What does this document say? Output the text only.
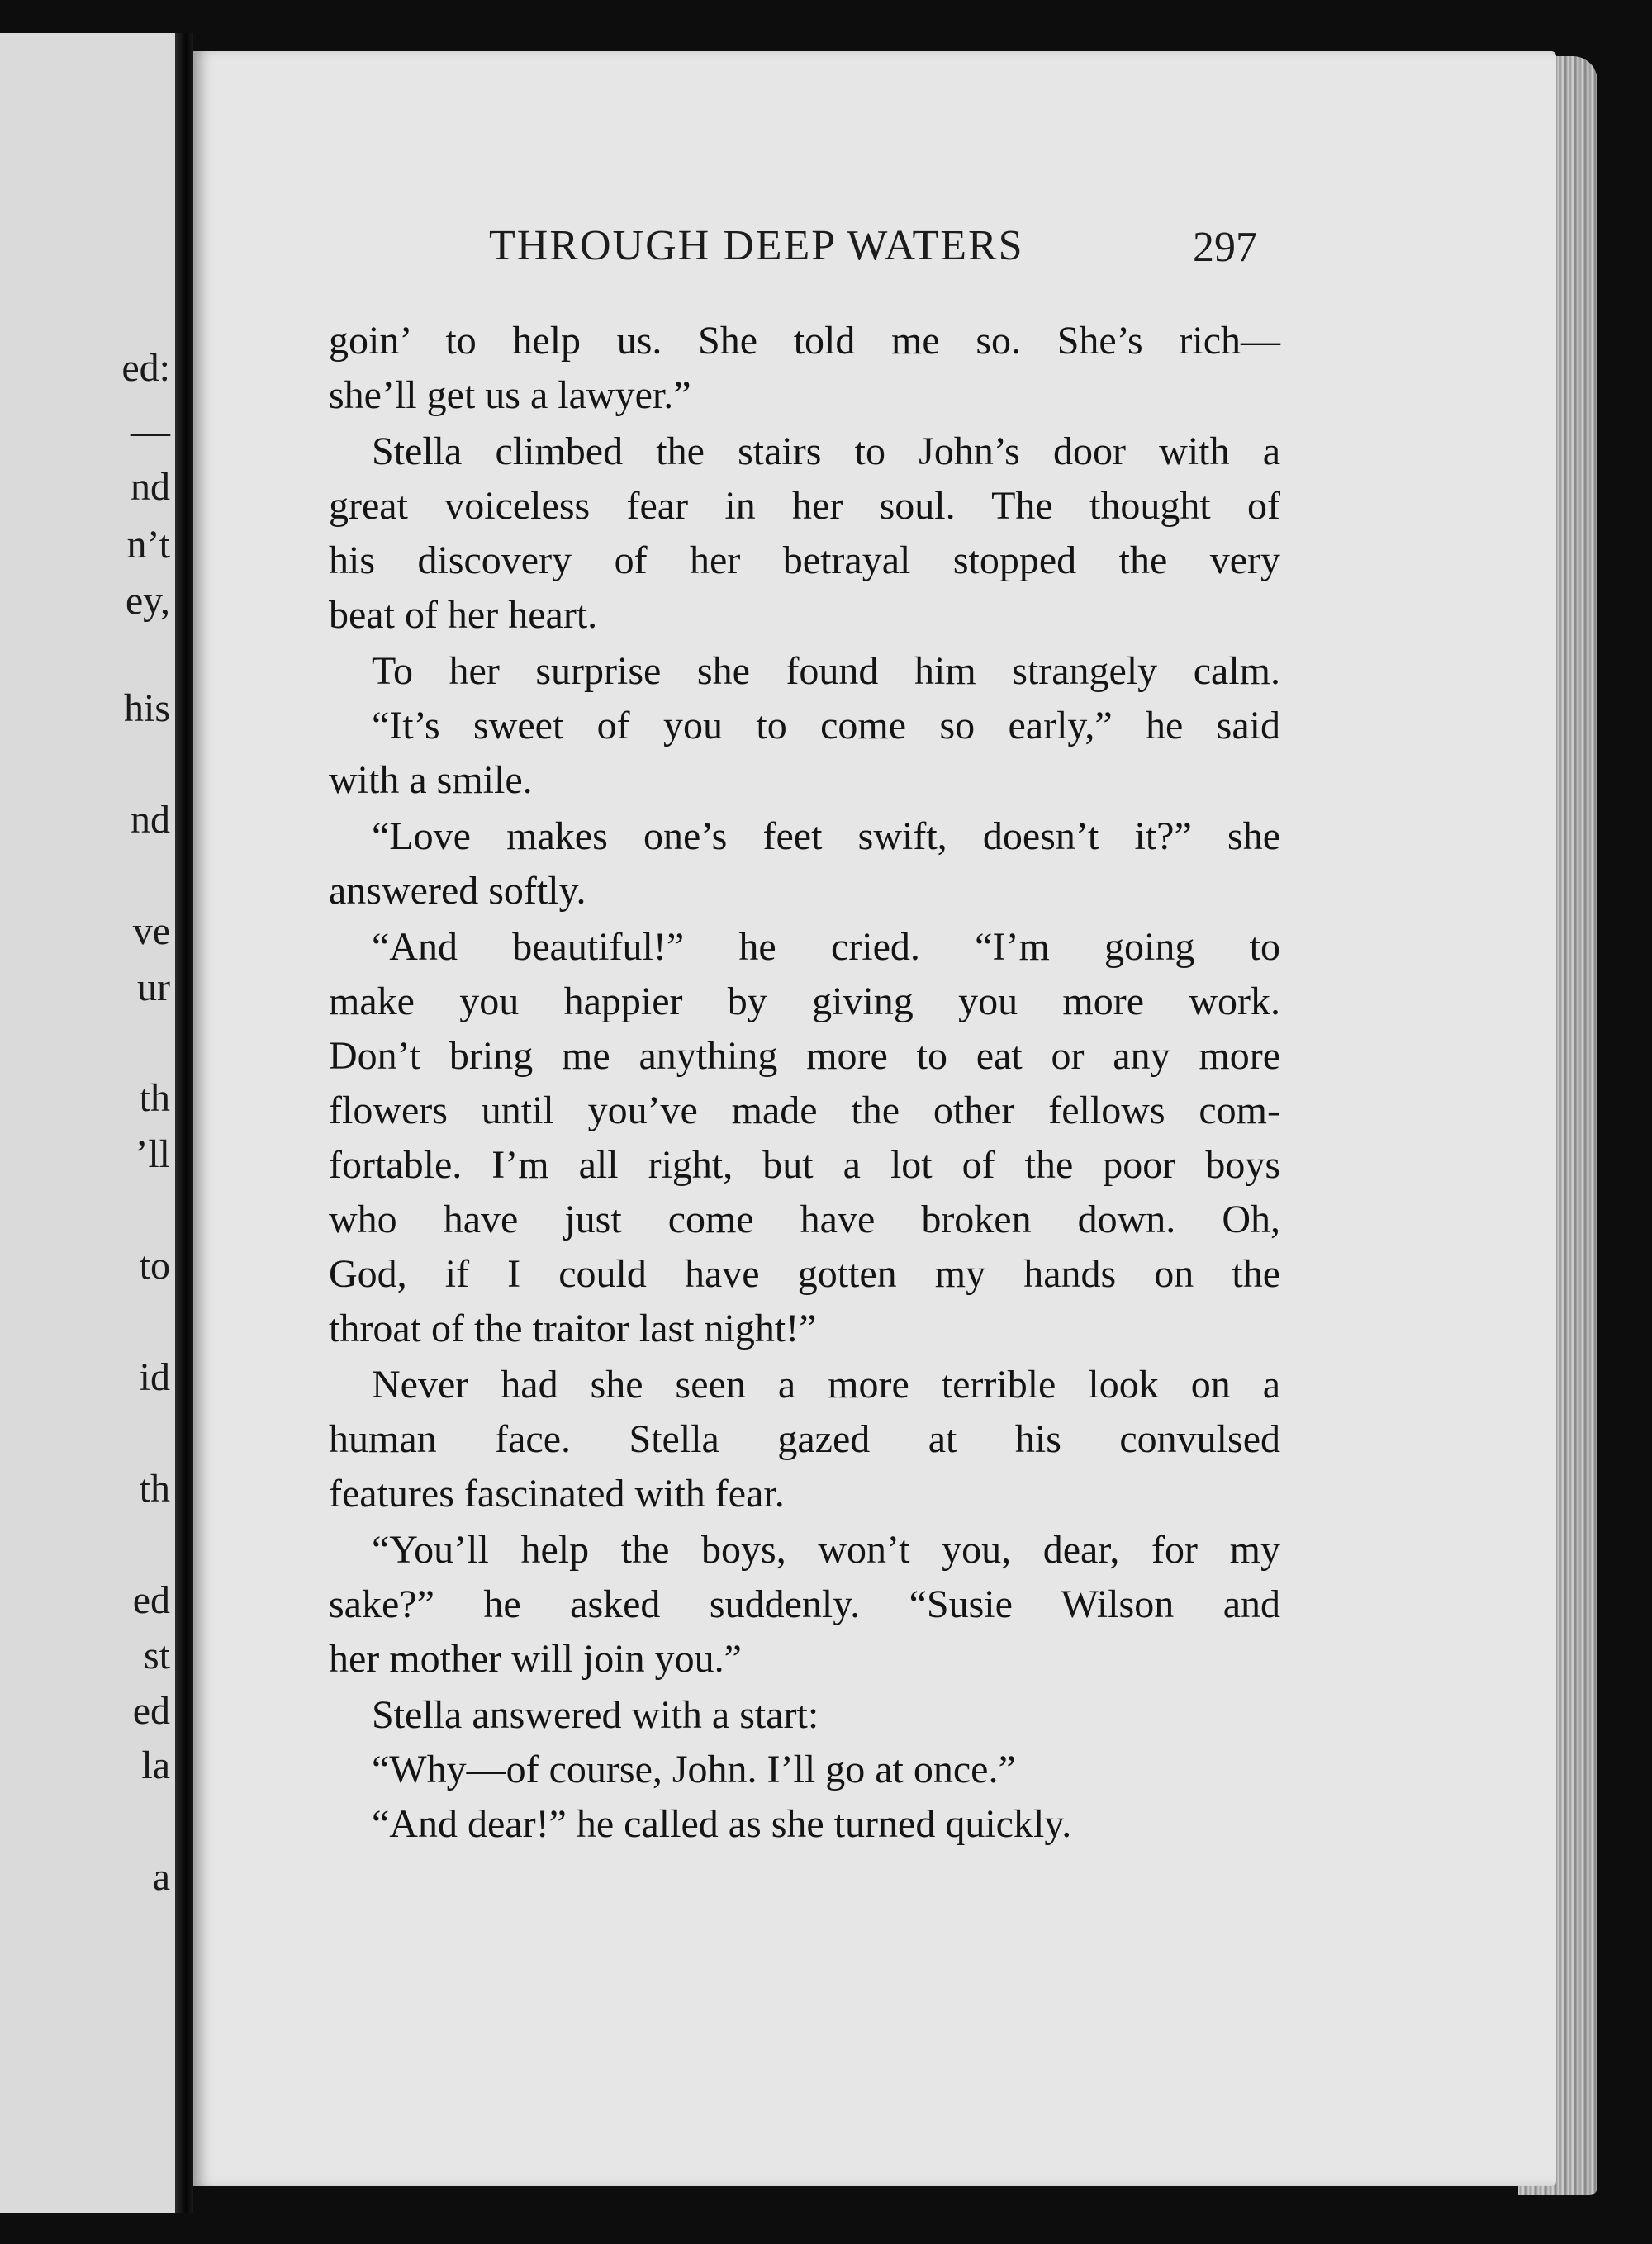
ed:
—
nd
n’t
ey,
his
nd
ve
ur
th
’ll
to
id
th
ed
st
ed
la
a
THROUGH DEEP WATERS	297
goin’ to help us. She told me so. She’s rich—
she’ll get us a lawyer.”
Stella climbed the stairs to John’s door with a
great voiceless fear in her soul. The thought of
his discovery of her betrayal stopped the very
beat of her heart.
To her surprise she found him strangely calm.
“It’s sweet of you to come so early,” he said
with a smile.
“Love makes one’s feet swift, doesn’t it?” she
answered softly.
“And beautiful!” he cried. “I’m going to
make you happier by giving you more work.
Don’t bring me anything more to eat or any more
flowers until you’ve made the other fellows com-
fortable. I’m all right, but a lot of the poor boys
who have just come have broken down. Oh,
God, if I could have gotten my hands on the
throat of the traitor last night!”
Never had she seen a more terrible look on a
human face. Stella gazed at his convulsed
features fascinated with fear.
“You’ll help the boys, won’t you, dear, for my
sake?” he asked suddenly. “Susie Wilson and
her mother will join you.”
Stella answered with a start:
“Why—of course, John. I’ll go at once.”
“And dear!” he called as she turned quickly.
